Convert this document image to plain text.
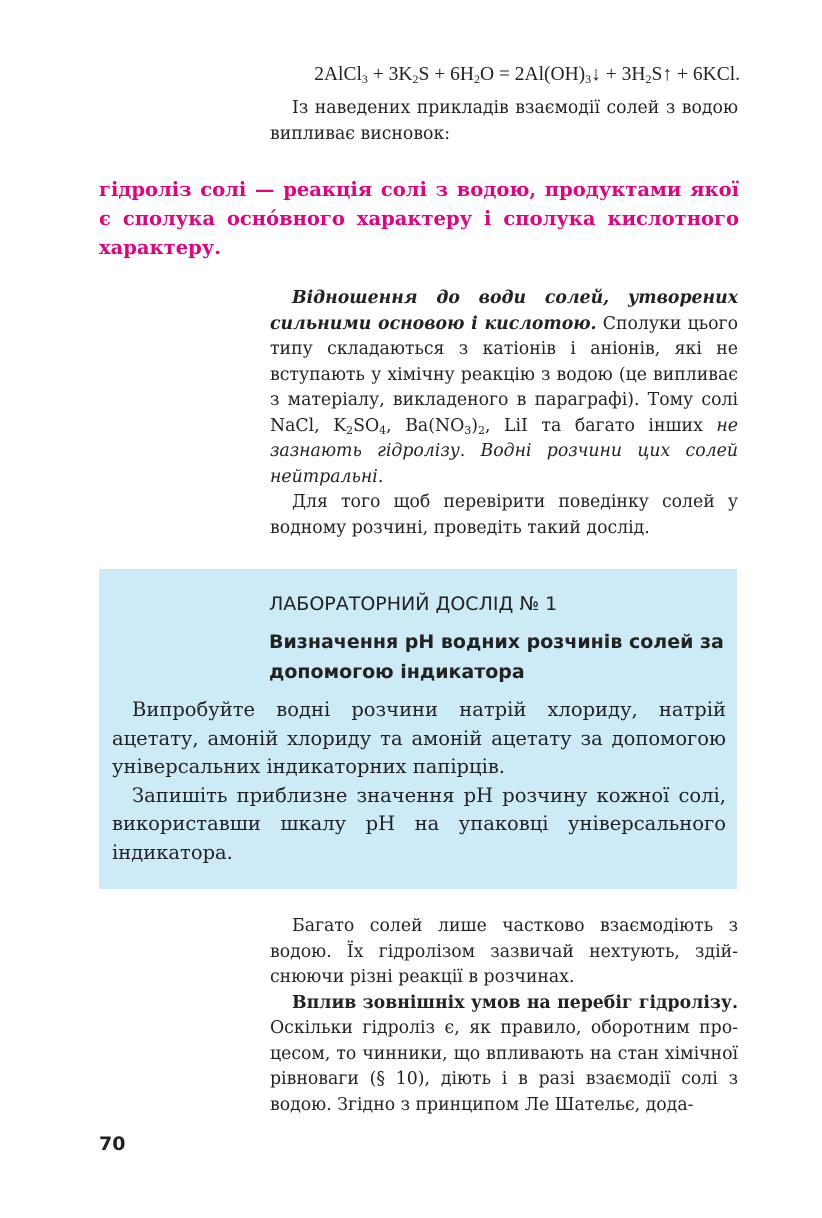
2AlCl$_3$ + $3K_2S + 6H_2O$ = $2Al(OH)_3↓$ + $3H_2S↑ + 6KCl$.

Із наведених прикладів взаємодії солей з водою випливає висновок:

гідроліз солі — реакція солі з водою, продуктами якої є сполука оснóвного характеру і сполука кислотного характеру.

Відношення до води солей, утворених сильними основою і кислотою. Сполуки цього типу складаються з катіонів і аніонів, які не вступають у хімічну реакцію з водою (це випливає з матеріалу, викладеного в параграфі). Тому солі NaCl, $K_2SO_4$, $Ba(NO_3)_2$, LiI та багато інших не зазнають гідролізу. Водні розчини цих солей нейтральні.

Для того щоб перевірити поведінку солей у водному розчині, проведіть такий дослід.

ЛАБОРАТОРНИЙ ДОСЛІД № 1
Визначення pH водних розчинів солей за допомогою індикатора

Випробуйте водні розчини натрій хлориду, натрій ацетату, амоній хлориду та амоній ацетату за допомогою універсальних індикаторних папірців.

Запишіть приблизне значення pH розчину кожної солі, використавши шкалу pH на упаковці універсального індикатора.

Багато солей лише частково взаємодіють з водою. Їх гідролізом зазвичай нехтують, здійснюючи різні реакції в розчинах.

Вплив зовнішніх умов на перебіг гідролізу. Оскільки гідроліз є, як правило, оборотним процесом, то чинники, що впливають на стан хімічної рівноваги (§ 10), діють і в разі взаємодії солі з водою. Згідно з принципом Ле Шательє, дода-

70
